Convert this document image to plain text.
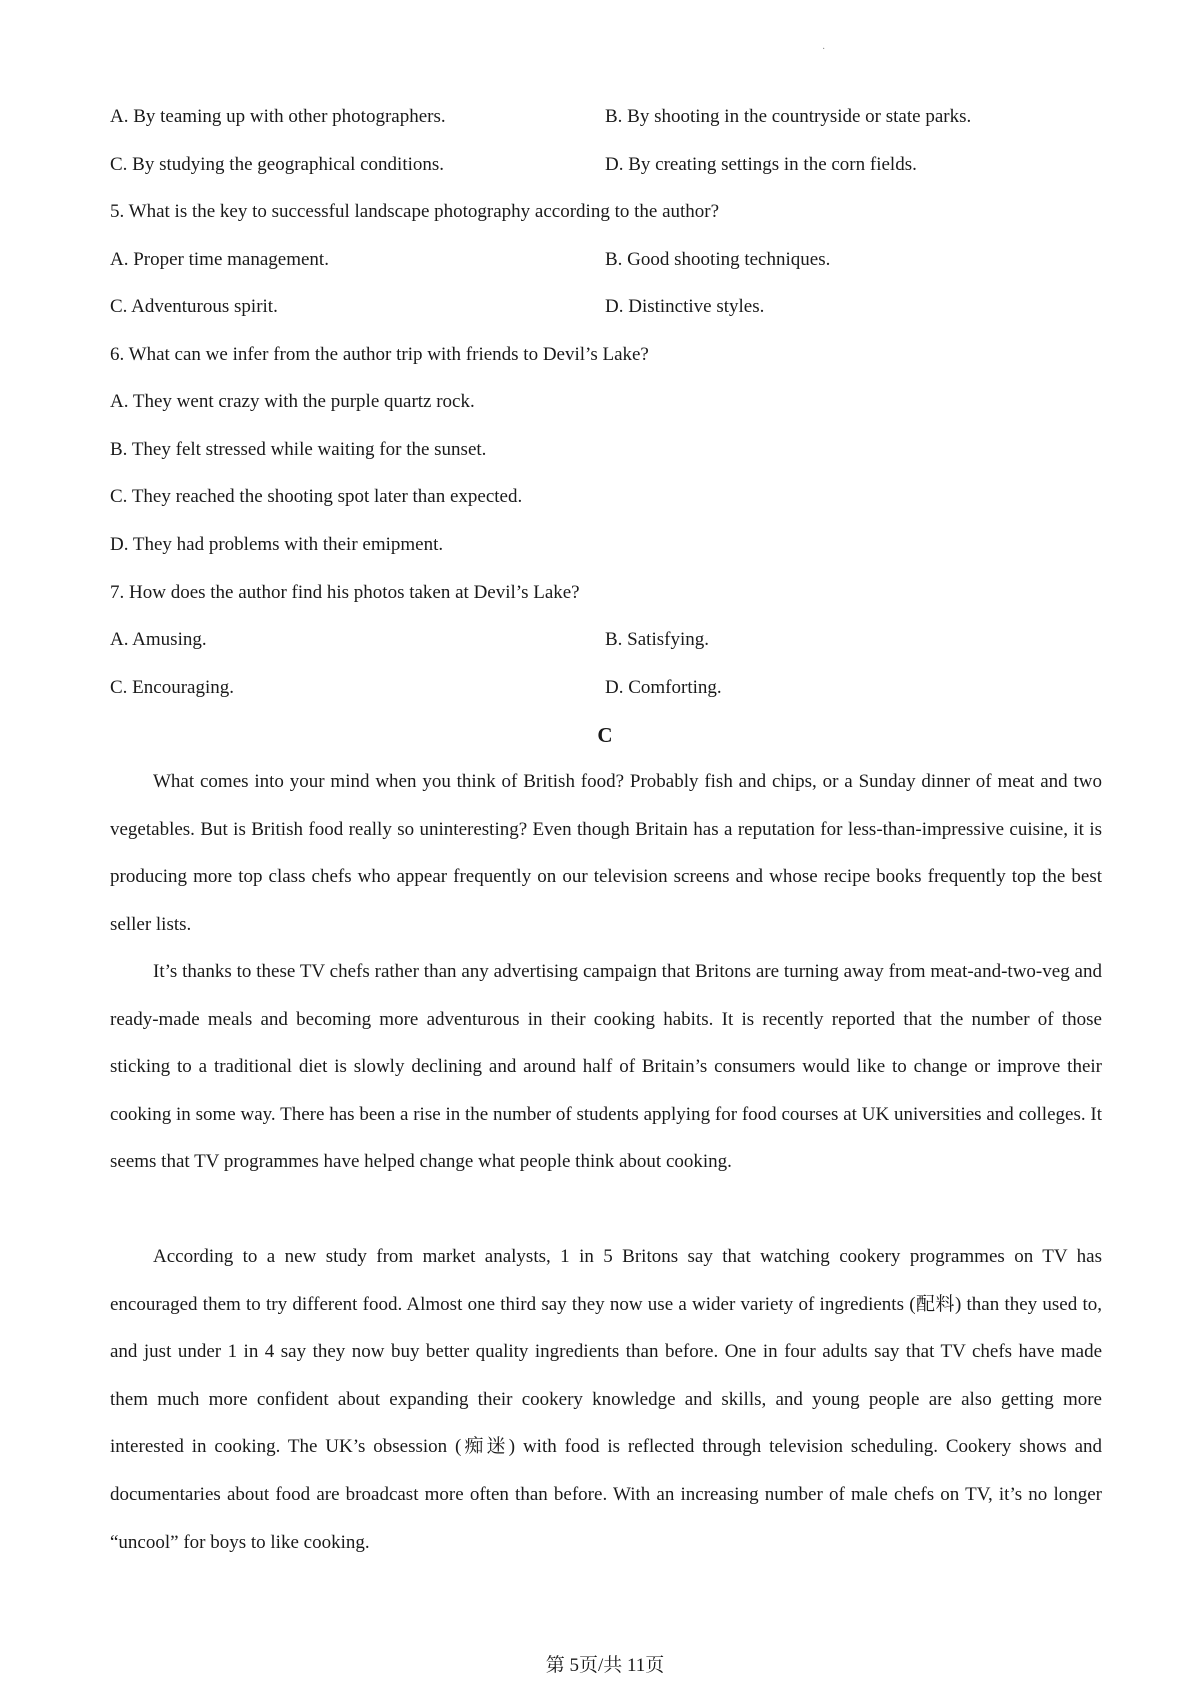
·
A. By teaming up with other photographers.	B. By shooting in the countryside or state parks.
C. By studying the geographical conditions.	D. By creating settings in the corn fields.
5. What is the key to successful landscape photography according to the author?
A. Proper time management.	B. Good shooting techniques.
C. Adventurous spirit.	D. Distinctive styles.
6. What can we infer from the author trip with friends to Devil’s Lake?
A. They went crazy with the purple quartz rock.
B. They felt stressed while waiting for the sunset.
C. They reached the shooting spot later than expected.
D. They had problems with their emipment.
7. How does the author find his photos taken at Devil’s Lake?
A. Amusing.	B. Satisfying.
C. Encouraging.	D. Comforting.
C

What comes into your mind when you think of British food? Probably fish and chips, or a Sunday dinner of meat and two vegetables. But is British food really so uninteresting? Even though Britain has a reputation for less-than-impressive cuisine, it is producing more top class chefs who appear frequently on our television screens and whose recipe books frequently top the best seller lists.

It’s thanks to these TV chefs rather than any advertising campaign that Britons are turning away from meat-and-two-veg and ready-made meals and becoming more adventurous in their cooking habits. It is recently reported that the number of those sticking to a traditional diet is slowly declining and around half of Britain’s consumers would like to change or improve their cooking in some way. There has been a rise in the number of students applying for food courses at UK universities and colleges. It seems that TV programmes have helped change what people think about cooking.

According to a new study from market analysts, 1 in 5 Britons say that watching cookery programmes on TV has encouraged them to try different food. Almost one third say they now use a wider variety of ingredients (配料) than they used to, and just under 1 in 4 say they now buy better quality ingredients than before. One in four adults say that TV chefs have made them much more confident about expanding their cookery knowledge and skills, and young people are also getting more interested in cooking. The UK’s obsession (痴迷) with food is reflected through television scheduling. Cookery shows and documentaries about food are broadcast more often than before. With an increasing number of male chefs on TV, it’s no longer “uncool” for boys to like cooking.

第 5页/共 11页
